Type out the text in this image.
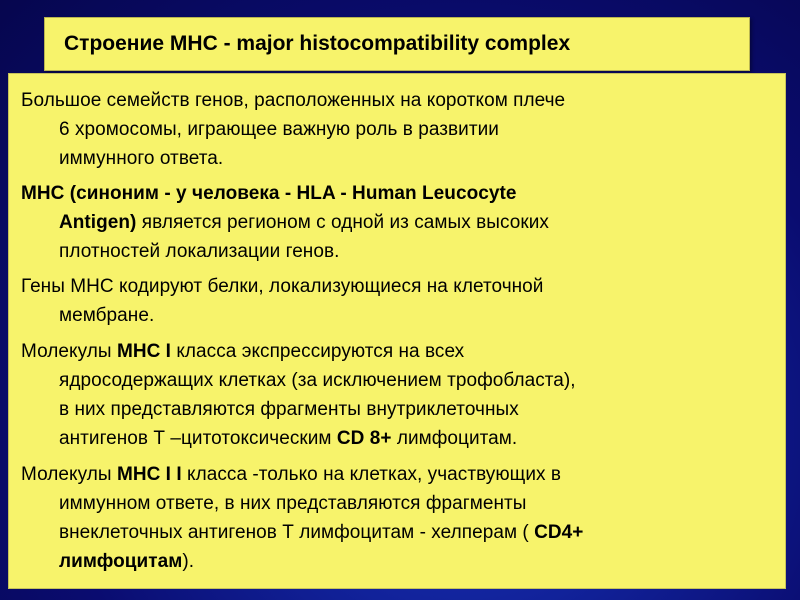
Строение MHC - major histocompatibility complex

Большое семейств генов, расположенных на коротком плече
6 хромосомы, играющее важную роль в развитии
иммунного ответа.

MHC (синоним - у человека - HLA - Human Leucocyte
Antigen) является регионом с одной из самых высоких
плотностей локализации генов.

Гены МНС кодируют белки, локализующиеся на клеточной
мембране.

Молекулы МНС I класса экспрессируются на всех
ядросодержащих клетках (за исключением трофобласта),
в них представляются фрагменты внутриклеточных
антигенов Т –цитотоксическим CD 8+ лимфоцитам.

Молекулы МНС I I класса -только на клетках, участвующих в
иммунном ответе, в них представляются фрагменты
внеклеточных антигенов Т лимфоцитам - хелперам ( CD4+
лимфоцитам).
